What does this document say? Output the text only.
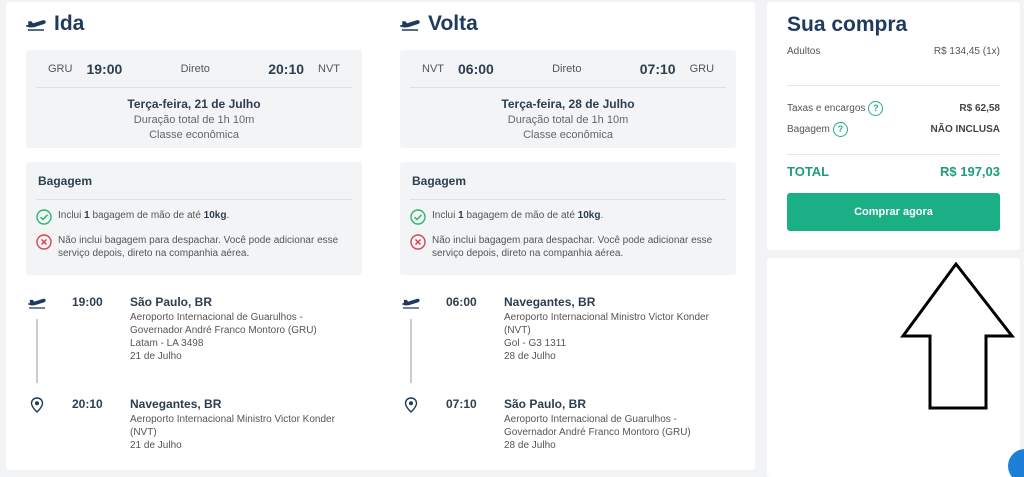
Ida
GRU 19:00	Direto	20:10 NVT
Terça-feira, 21 de Julho
Duração total de 1h 10m
Classe econômica
Bagagem
Inclui 1 bagagem de mão de até 10kg.
Não inclui bagagem para despachar. Você pode adicionar esse serviço depois, direto na companhia aérea.
19:00 São Paulo, BR
Aeroporto Internacional de Guarulhos - Governador André Franco Montoro (GRU)
Latam - LA 3498
21 de Julho
20:10 Navegantes, BR
Aeroporto Internacional Ministro Victor Konder (NVT)
21 de Julho
Volta
NVT 06:00	Direto	07:10 GRU
Terça-feira, 28 de Julho
Duração total de 1h 10m
Classe econômica
Bagagem
Inclui 1 bagagem de mão de até 10kg.
Não inclui bagagem para despachar. Você pode adicionar esse serviço depois, direto na companhia aérea.
06:00 Navegantes, BR
Aeroporto Internacional Ministro Victor Konder (NVT)
Gol - G3 1311
28 de Julho
07:10 São Paulo, BR
Aeroporto Internacional de Guarulhos - Governador André Franco Montoro (GRU)
28 de Julho
Sua compra
Adultos	R$ 134,45 (1x)
Taxas e encargos ?	R$ 62,58
Bagagem ?	NÃO INCLUSA
TOTAL	R$ 197,03
Comprar agora
